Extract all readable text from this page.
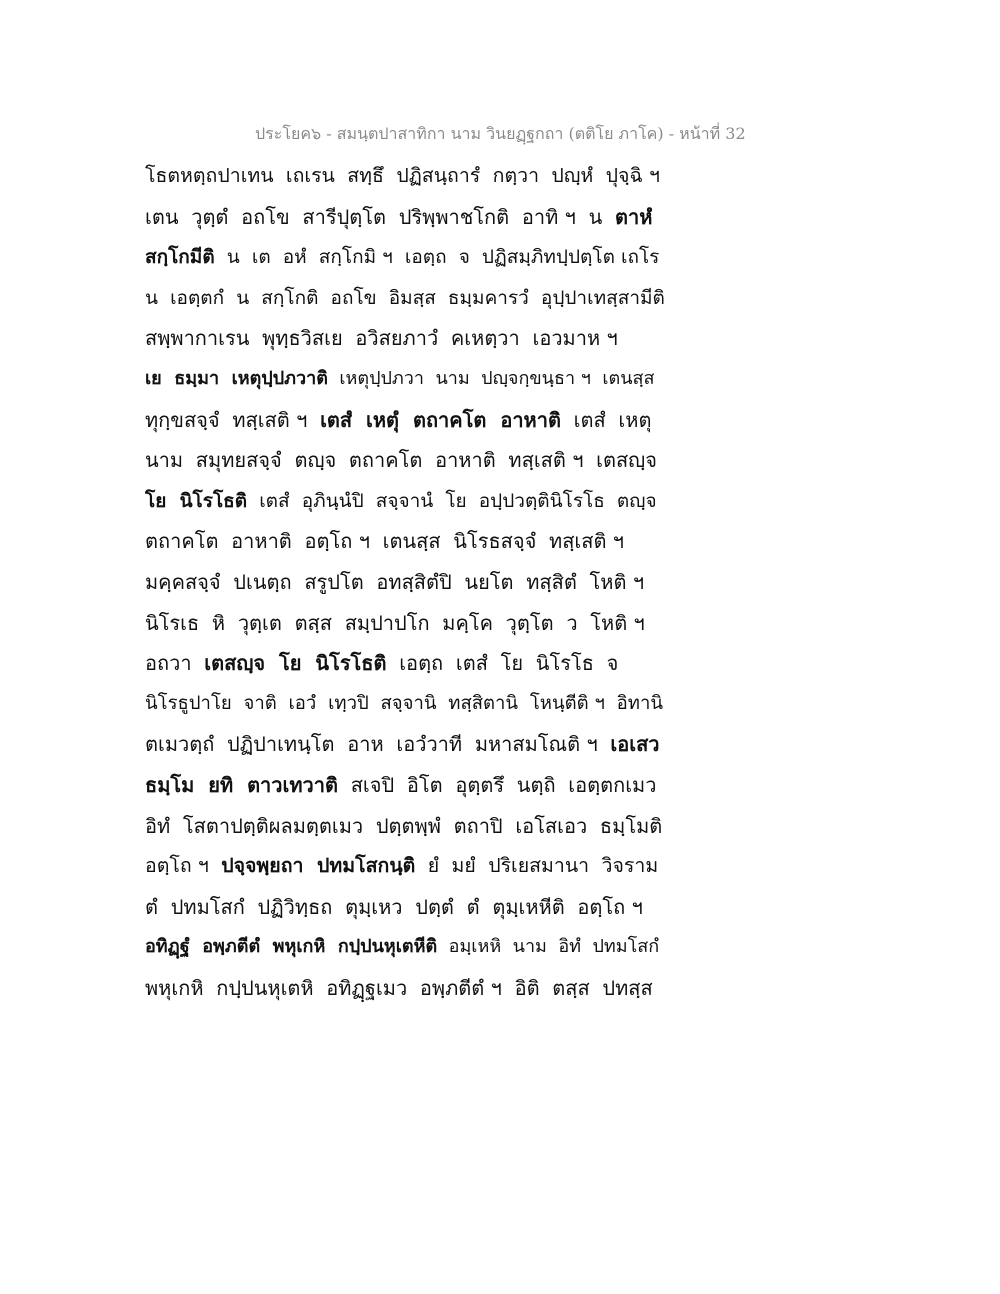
ประโยค๖ - สมนฺตปาสาทิกา นาม วินยฏฺฐกถา (ตติโย ภาโค) - หน้าที่ 32
โธตหตฺถปาเทน  เถเรน  สทฺธึ  ปฏิสนฺถารํ  กตฺวา  ปญฺหํ  ปุจฺฉิ ฯ
เตน  วุตฺตํ  อถโข  สารีปุตฺโต  ปริพฺพาชโกติ  อาทิ ฯ  น  ตาหํ
สกฺโกมีติ  น  เต  อหํ  สกฺโกมิ ฯ  เอตฺถ  จ  ปฏิสมฺภิทปฺปตฺโต เถโร
น  เอตฺตกํ  น  สกฺโกติ  อถโข  อิมสฺส  ธมฺมคารวํ  อุปฺปาเทสฺสามีติ
สพฺพากาเรน  พุทฺธวิสเย  อวิสยภาวํ  คเหตฺวา  เอวมาห ฯ
เย  ธมฺมา  เหตุปฺปภวาติ  เหตุปฺปภวา  นาม  ปญฺจกฺขนฺธา ฯ  เตนสฺส
ทุกฺขสจฺจํ  ทสฺเสติ ฯ  เตสํ  เหตุํ  ตถาคโต  อาหาติ  เตสํ  เหตุ
นาม  สมุทยสจฺจํ  ตญฺจ  ตถาคโต  อาหาติ  ทสฺเสติ ฯ  เตสญฺจ
โย  นิโรโธติ  เตสํ  อุภินฺนํปิ  สจฺจานํ  โย  อปฺปวตฺตินิโรโธ  ตญฺจ
ตถาคโต  อาหาติ  อตฺโถ ฯ  เตนสฺส  นิโรธสจฺจํ  ทสฺเสติ ฯ
มคฺคสจฺจํ  ปเนตฺถ  สรูปโต  อทสฺสิตํปิ  นยโต  ทสฺสิตํ  โหติ ฯ
นิโรเธ  หิ  วุตฺเต  ตสฺส  สมฺปาปโก  มคฺโค  วุตฺโต  ว  โหติ ฯ
อถวา  เตสญฺจ  โย  นิโรโธติ  เอตฺถ  เตสํ  โย  นิโรโธ  จ
นิโรธูปาโย  จาติ  เอวํ  เทฺวปิ  สจฺจานิ  ทสฺสิตานิ  โหนฺตีติ ฯ  อิทานิ
ตเมวตฺถํ  ปฏิปาเทนฺโต  อาห  เอวํวาที  มหาสมโณติ ฯ  เอเสว
ธมฺโม  ยทิ  ตาวเทวาติ  สเจปิ  อิโต  อุตฺตรึ  นตฺถิ  เอตฺตกเมว
อิทํ  โสตาปตฺติผลมตฺตเมว  ปตฺตพฺพํ  ตถาปิ  เอโสเอว  ธมฺโมติ
อตฺโถ ฯ  ปจฺจพฺยถา  ปทมโสกนฺติ  ยํ  มยํ  ปริเยสมานา  วิจราม
ตํ  ปทมโสกํ  ปฏิวิทฺธถ  ตุมฺเหว  ปตฺตํ  ตํ  ตุมฺเหหีติ  อตฺโถ ฯ
อทิฏฺฐํ  อพฺภตีตํ  พหุเกหิ  กปฺปนหุเตหีติ  อมฺเหหิ  นาม  อิทํ  ปทมโสกํ
พหุเกหิ  กปฺปนหุเตหิ  อทิฏฺฐเมว  อพฺภตีตํ ฯ  อิติ  ตสฺส  ปทสฺส
